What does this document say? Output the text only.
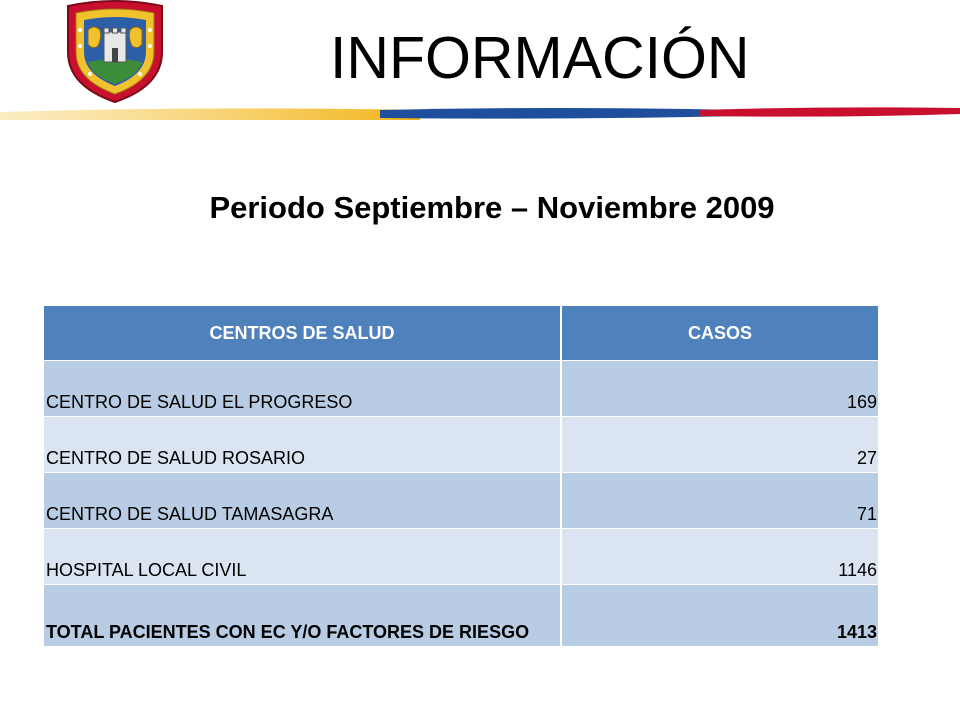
INFORMACIÓN
Periodo Septiembre – Noviembre 2009
CENTROS DE SALUD	CASOS
CENTRO DE SALUD EL PROGRESO	169
CENTRO DE SALUD ROSARIO	27
CENTRO DE SALUD TAMASAGRA	71
HOSPITAL LOCAL CIVIL	1146
TOTAL PACIENTES CON EC Y/O FACTORES DE RIESGO	1413
